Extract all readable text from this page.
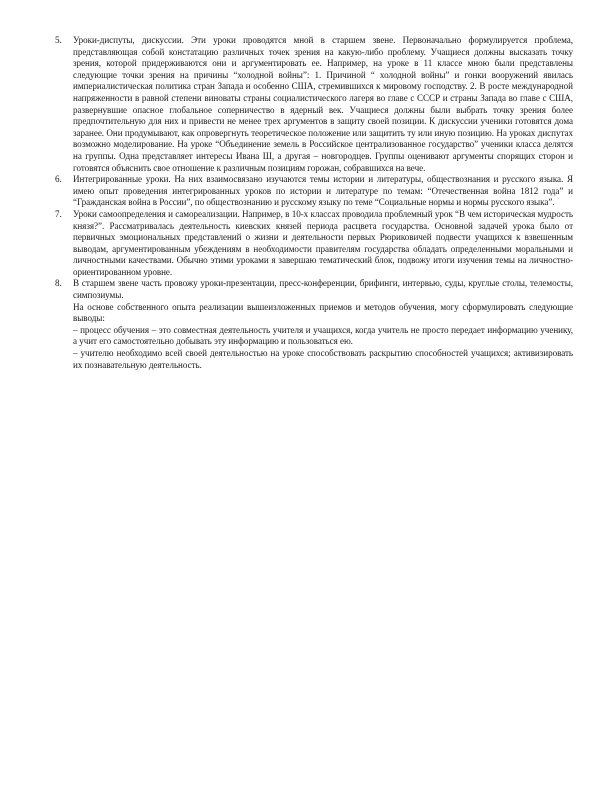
5.	Уроки-диспуты, дискуссии. Эти уроки проводятся мной в старшем звене. Первоначально формулируется проблема, представляющая собой констатацию различных точек зрения на какую-либо проблему. Учащиеся должны высказать точку зрения, которой придерживаются они и аргументировать ее. Например, на уроке в 11 классе мною были представлены следующие точки зрения на причины “холодной войны”: 1. Причиной “ холодной войны” и гонки вооружений явилась империалистическая политика стран Запада и особенно США, стремившихся к мировому господству. 2. В росте международной напряженности в равной степени виноваты страны социалистического лагеря во главе с СССР и страны Запада во главе с США, развернувшие опасное глобальное соперничество в ядерный век. Учащиеся должны были выбрать точку зрения более предпочтительную для них и привести не менее трех аргументов в защиту своей позиции. К дискуссии ученики готовятся дома заранее. Они продумывают, как опровергнуть теоретическое положение или защитить ту или иную позицию. На уроках диспутах возможно моделирование. На уроке “Объединение земель в Российское централизованное государство” ученики класса делятся на группы. Одна представляет интересы Ивана Ш, а другая – новгородцев. Группы оценивают аргументы спорящих сторон и готовятся объяснить свое отношение к различным позициям горожан, собравшихся на вече.

6.	Интегрированные уроки. На них взаимосвязано изучаются темы истории и литературы, обществознания и русского языка. Я имею опыт проведения интегрированных уроков по истории и литературе по темам: “Отечественная война 1812 года” и “Гражданская война в России”, по обществознанию и русскому языку по теме “Социальные нормы и нормы русского языка”.

7.	Уроки самоопределения и самореализации. Например, в 10-х классах проводила проблемный урок “В чем историческая мудрость князя?”. Рассматривалась деятельность киевских князей периода расцвета государства. Основной задачей урока было от первичных эмоциональных представлений о жизни и деятельности первых Рюриковичей подвести учащихся к взвешенным выводам, аргументированным убеждениям в необходимости правителям государства обладать определенными моральными и личностными качествами. Обычно этими уроками я завершаю тематический блок, подвожу итоги изучения темы на личностно-ориентированном уровне.

8.	В старшем звене часть провожу уроки-презентации, пресс-конференции, брифинги, интервью, суды, круглые столы, телемосты, симпозиумы.

На основе собственного опыта реализации вышеизложенных приемов и методов обучения, могу сформулировать следующие выводы:

– процесс обучения – это совместная деятельность учителя и учащихся, когда учитель не просто передает информацию ученику, а учит его самостоятельно добывать эту информацию и пользоваться ею.

– учителю необходимо всей своей деятельностью на уроке способствовать раскрытию способностей учащихся; активизировать их познавательную деятельность.
